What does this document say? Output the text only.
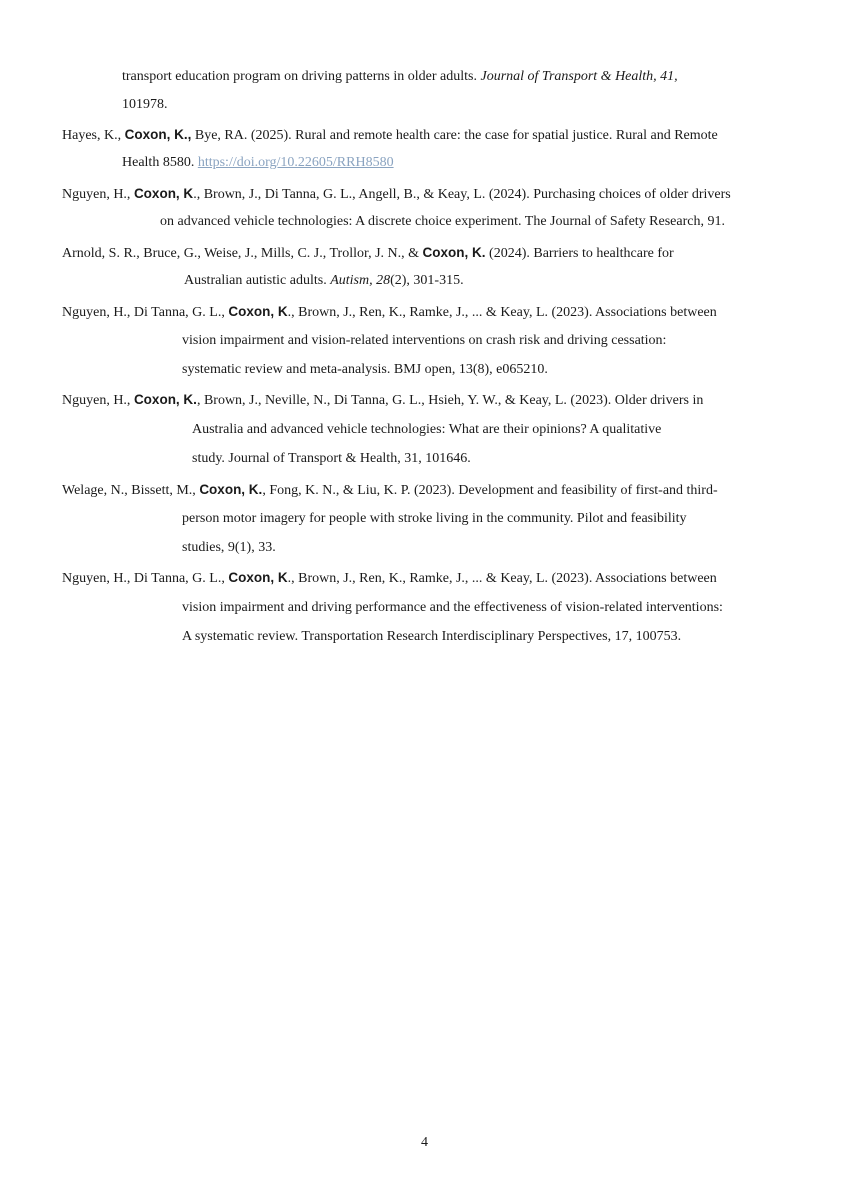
transport education program on driving patterns in older adults. Journal of Transport & Health, 41,
101978.
Hayes, K., Coxon, K., Bye, RA. (2025). Rural and remote health care: the case for spatial justice. Rural and Remote
Health 8580. https://doi.org/10.22605/RRH8580
Nguyen, H., Coxon, K., Brown, J., Di Tanna, G. L., Angell, B., & Keay, L. (2024). Purchasing choices of older drivers
on advanced vehicle technologies: A discrete choice experiment. The Journal of Safety Research, 91.
Arnold, S. R., Bruce, G., Weise, J., Mills, C. J., Trollor, J. N., & Coxon, K. (2024). Barriers to healthcare for
Australian autistic adults. Autism, 28(2), 301-315.
Nguyen, H., Di Tanna, G. L., Coxon, K., Brown, J., Ren, K., Ramke, J., ... & Keay, L. (2023). Associations between
vision impairment and vision-related interventions on crash risk and driving cessation:
systematic review and meta-analysis. BMJ open, 13(8), e065210.
Nguyen, H., Coxon, K., Brown, J., Neville, N., Di Tanna, G. L., Hsieh, Y. W., & Keay, L. (2023). Older drivers in
Australia and advanced vehicle technologies: What are their opinions? A qualitative
study. Journal of Transport & Health, 31, 101646.
Welage, N., Bissett, M., Coxon, K., Fong, K. N., & Liu, K. P. (2023). Development and feasibility of first-and third-
person motor imagery for people with stroke living in the community. Pilot and feasibility
studies, 9(1), 33.
Nguyen, H., Di Tanna, G. L., Coxon, K., Brown, J., Ren, K., Ramke, J., ... & Keay, L. (2023). Associations between
vision impairment and driving performance and the effectiveness of vision-related interventions:
A systematic review. Transportation Research Interdisciplinary Perspectives, 17, 100753.
4
